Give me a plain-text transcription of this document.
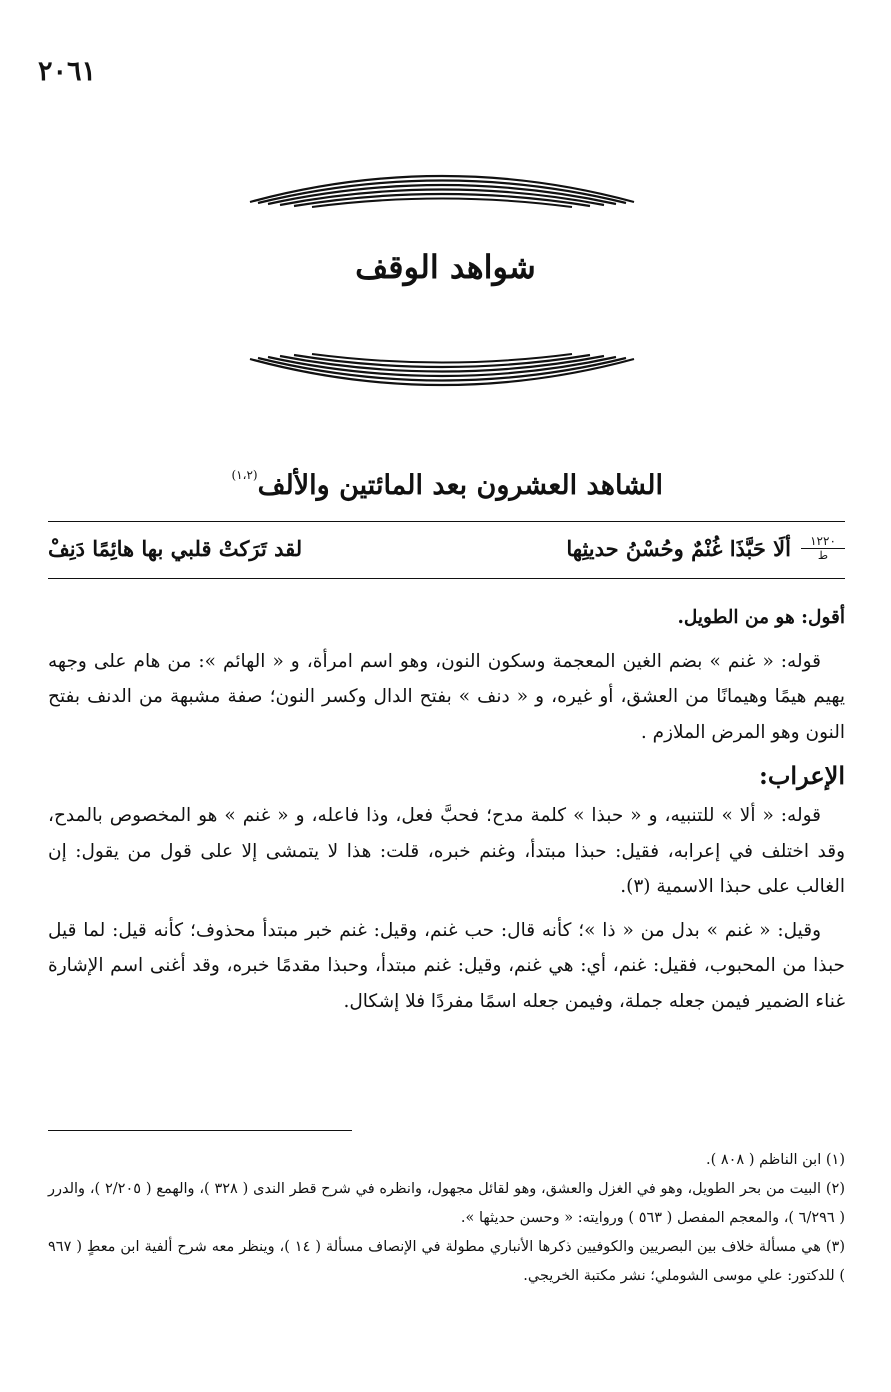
٢٠٦١
شواهد الوقف
الشاهد العشرون بعد المائتين والألف$^{(١،٢)}$
١٢٢٠
ط
ألَا حَبَّذَا غُنْمٌ وحُسْنُ حديثِها
لقد تَرَكتْ قلبي بها هائِمًا دَنِفْ

أقول: هو من الطويل.

قوله: « غنم » بضم الغين المعجمة وسكون النون، وهو اسم امرأة، و « الهائم »: من هام على وجهه يهيم هيمًا وهيمانًا من العشق، أو غيره، و « دنف » بفتح الدال وكسر النون؛ صفة مشبهة من الدنف بفتح النون وهو المرض الملازم .

الإعراب:

قوله: « ألا » للتنبيه، و « حبذا » كلمة مدح؛ فحبَّ فعل، وذا فاعله، و « غنم » هو المخصوص بالمدح، وقد اختلف في إعرابه، فقيل: حبذا مبتدأ، وغنم خبره، قلت: هذا لا يتمشى إلا على قول من يقول: إن الغالب على حبذا الاسمية (٣).

وقيل: « غنم » بدل من « ذا »؛ كأنه قال: حب غنم، وقيل: غنم خبر مبتدأ محذوف؛ كأنه قيل: لما قيل حبذا من المحبوب، فقيل: غنم، أي: هي غنم، وقيل: غنم مبتدأ، وحبذا مقدمًا خبره، وقد أغنى اسم الإشارة غناء الضمير فيمن جعله جملة، وفيمن جعله اسمًا مفردًا فلا إشكال.

(١) ابن الناظم ( ٨٠٨ ).

(٢) البيت من بحر الطويل، وهو في الغزل والعشق، وهو لقائل مجهول، وانظره في شرح قطر الندى ( ٣٢٨ )، والهمع ( ٢/٢٠٥ )، والدرر ( ٦/٢٩٦ )، والمعجم المفصل ( ٥٦٣ ) وروايته: « وحسن حديثها ».

(٣) هي مسألة خلاف بين البصريين والكوفيين ذكرها الأنباري مطولة في الإنصاف مسألة ( ١٤ )، وينظر معه شرح ألفية ابن معطٍ ( ٩٦٧ ) للدكتور: علي موسى الشوملي؛ نشر مكتبة الخريجي.
